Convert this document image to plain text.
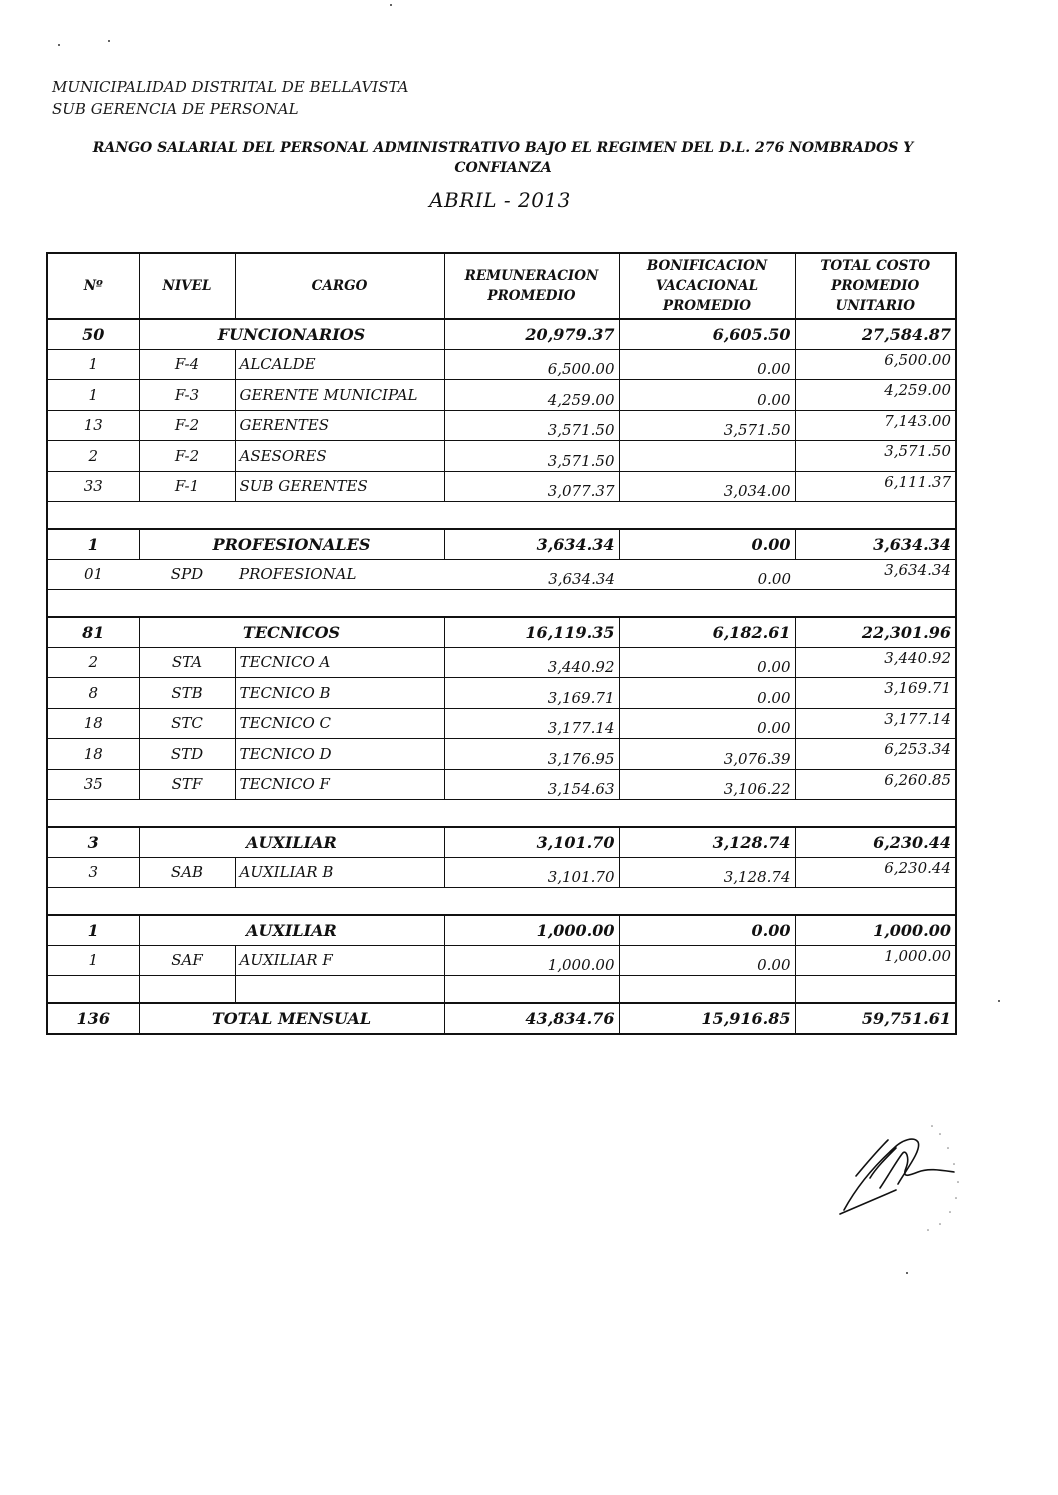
MUNICIPALIDAD DISTRITAL DE BELLAVISTA
SUB GERENCIA DE PERSONAL
RANGO SALARIAL DEL PERSONAL ADMINISTRATIVO BAJO EL REGIMEN DEL D.L. 276 NOMBRADOS Y CONFIANZA
ABRIL - 2013
Nº	NIVEL	CARGO	REMUNERACION PROMEDIO	BONIFICACION VACACIONAL PROMEDIO	TOTAL COSTO PROMEDIO UNITARIO
50	FUNCIONARIOS		20,979.37	6,605.50	27,584.87
1	F-4	ALCALDE	6,500.00	0.00	6,500.00
1	F-3	GERENTE MUNICIPAL	4,259.00	0.00	4,259.00
13	F-2	GERENTES	3,571.50	3,571.50	7,143.00
2	F-2	ASESORES	3,571.50		3,571.50
33	F-1	SUB GERENTES	3,077.37	3,034.00	6,111.37

1	PROFESIONALES		3,634.34	0.00	3,634.34
01	SPD	PROFESIONAL	3,634.34	0.00	3,634.34

81	TECNICOS		16,119.35	6,182.61	22,301.96
2	STA	TECNICO A	3,440.92	0.00	3,440.92
8	STB	TECNICO B	3,169.71	0.00	3,169.71
18	STC	TECNICO C	3,177.14	0.00	3,177.14
18	STD	TECNICO D	3,176.95	3,076.39	6,253.34
35	STF	TECNICO F	3,154.63	3,106.22	6,260.85

3	AUXILIAR		3,101.70	3,128.74	6,230.44
3	SAB	AUXILIAR B	3,101.70	3,128.74	6,230.44

1	AUXILIAR		1,000.00	0.00	1,000.00
1	SAF	AUXILIAR F	1,000.00	0.00	1,000.00

136	TOTAL MENSUAL		43,834.76	15,916.85	59,751.61
